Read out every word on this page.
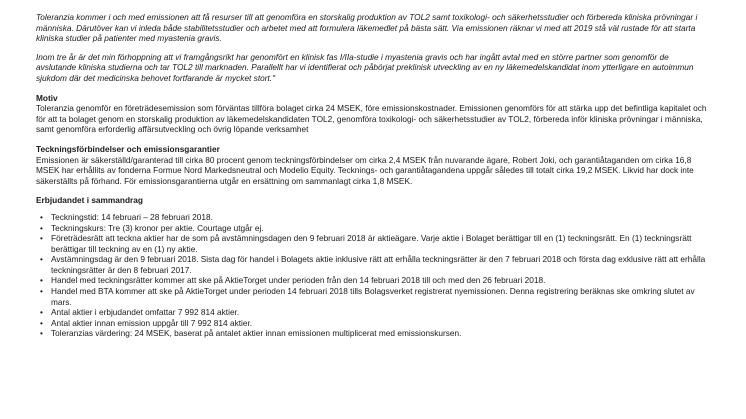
Toleranzia kommer i och med emissionen att få resurser till att genomföra en storskalig produktion av TOL2 samt toxikologi- och säkerhetsstudier och förbereda kliniska prövningar i människa. Därutöver kan vi inleda både stabilitetsstudier och arbetet med att formulera läkemedlet på bästa sätt. Via emissionen räknar vi med att 2019 stå väl rustade för att starta kliniska studier på patienter med myastenia gravis.

Inom tre år är det min förhoppning att vi framgångsrikt har genomfört en klinisk fas I/IIa-studie i myastenia gravis och har ingått avtal med en större partner som genomför de avslutande kliniska studierna och tar TOL2 till marknaden. Parallellt har vi identifierat och påbörjat preklinisk utveckling av en ny läkemedelskandidat inom ytterligare en autoimmun sjukdom där det medicinska behovet fortfarande är mycket stort."

Motiv

Toleranzia genomför en företrädesemission som förväntas tillföra bolaget cirka 24 MSEK, före emissionskostnader. Emissionen genomförs för att stärka upp det befintliga kapitalet och för att ta bolaget genom en storskalig produktion av läkemedelskandidaten TOL2, genomföra toxikologi- och säkerhetsstudier av TOL2, förbereda inför kliniska prövningar i människa, samt genomföra erforderlig affärsutveckling och övrig löpande verksamhet

Teckningsförbindelser och emissionsgarantier

Emissionen är säkerställd/garanterad till cirka 80 procent genom teckningsförbindelser om cirka 2,4 MSEK från nuvarande ägare, Robert Joki, och garantiåtaganden om cirka 16,8 MSEK har erhållits av fonderna Formue Nord Markedsneutral och Modelio Equity. Tecknings- och garantiåtagandena uppgår således till totalt cirka 19,2 MSEK. Likvid har dock inte säkerställts på förhand. För emissionsgarantierna utgår en ersättning om sammanlagt cirka 1,8 MSEK.

Erbjudandet i sammandrag

• Teckningstid: 14 februari – 28 februari 2018.
• Teckningskurs: Tre (3) kronor per aktie. Courtage utgår ej.
• Företrädesrätt att teckna aktier har de som på avstämningsdagen den 9 februari 2018 är aktieägare. Varje aktie i Bolaget berättigar till en (1) teckningsrätt. En (1) teckningsrätt berättigar till teckning av en (1) ny aktie.
• Avstämningsdag är den 9 februari 2018. Sista dag för handel i Bolagets aktie inklusive rätt att erhålla teckningsrätter är den 7 februari 2018 och första dag exklusive rätt att erhålla teckningsrätter är den 8 februari 2017.
• Handel med teckningsrätter kommer att ske på AktieTorget under perioden från den 14 februari 2018 till och med den 26 februari 2018.
• Handel med BTA kommer att ske på AktieTorget under perioden 14 februari 2018 tills Bolagsverket registrerat nyemissionen. Denna registrering beräknas ske omkring slutet av mars.
• Antal aktier i erbjudandet omfattar 7 992 814 aktier.
• Antal aktier innan emission uppgår till 7 992 814 aktier.
• Toleranzias värdering: 24 MSEK, baserat på antalet aktier innan emissionen multiplicerat med emissionskursen.
